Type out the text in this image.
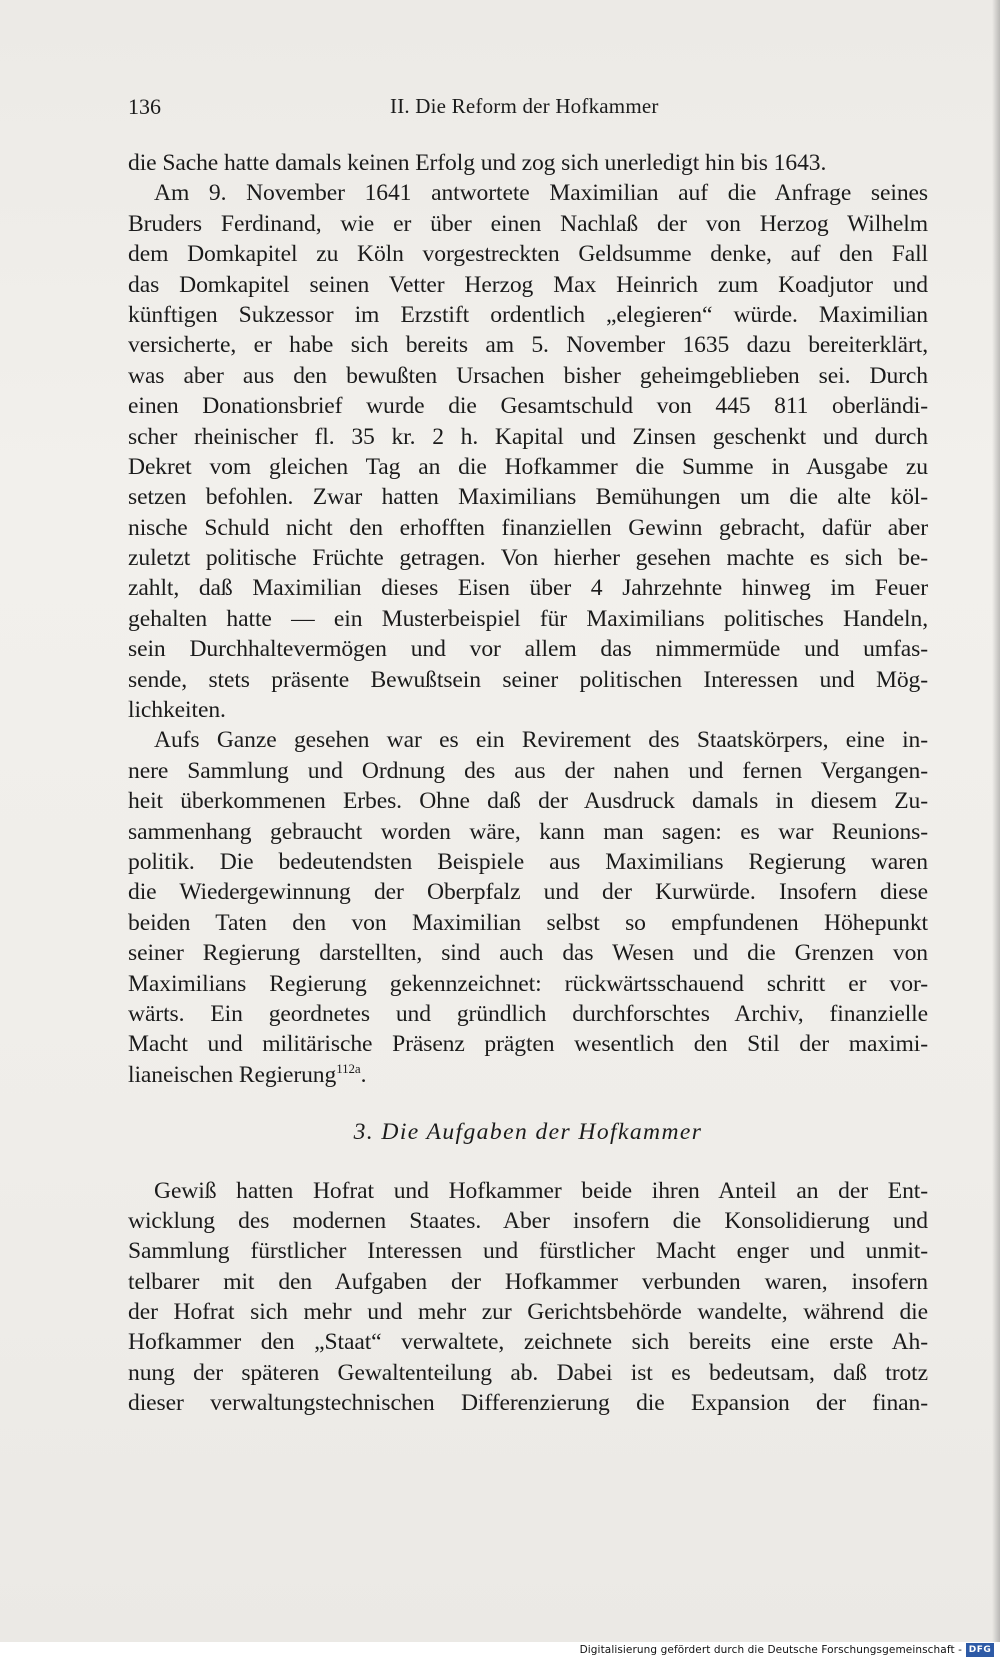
136	II. Die Reform der Hofkammer
die Sache hatte damals keinen Erfolg und zog sich unerledigt hin bis 1643.
Am 9. November 1641 antwortete Maximilian auf die Anfrage seines
Bruders Ferdinand, wie er über einen Nachlaß der von Herzog Wilhelm
dem Domkapitel zu Köln vorgestreckten Geldsumme denke, auf den Fall
das Domkapitel seinen Vetter Herzog Max Heinrich zum Koadjutor und
künftigen Sukzessor im Erzstift ordentlich „elegieren“ würde. Maximilian
versicherte, er habe sich bereits am 5. November 1635 dazu bereiterklärt,
was aber aus den bewußten Ursachen bisher geheimgeblieben sei. Durch
einen Donationsbrief wurde die Gesamtschuld von 445 811 oberländi-
scher rheinischer fl. 35 kr. 2 h. Kapital und Zinsen geschenkt und durch
Dekret vom gleichen Tag an die Hofkammer die Summe in Ausgabe zu
setzen befohlen. Zwar hatten Maximilians Bemühungen um die alte köl-
nische Schuld nicht den erhofften finanziellen Gewinn gebracht, dafür aber
zuletzt politische Früchte getragen. Von hierher gesehen machte es sich be-
zahlt, daß Maximilian dieses Eisen über 4 Jahrzehnte hinweg im Feuer
gehalten hatte — ein Musterbeispiel für Maximilians politisches Handeln,
sein Durchhaltevermögen und vor allem das nimmermüde und umfas-
sende, stets präsente Bewußtsein seiner politischen Interessen und Mög-
lichkeiten.
Aufs Ganze gesehen war es ein Revirement des Staatskörpers, eine in-
nere Sammlung und Ordnung des aus der nahen und fernen Vergangen-
heit überkommenen Erbes. Ohne daß der Ausdruck damals in diesem Zu-
sammenhang gebraucht worden wäre, kann man sagen: es war Reunions-
politik. Die bedeutendsten Beispiele aus Maximilians Regierung waren
die Wiedergewinnung der Oberpfalz und der Kurwürde. Insofern diese
beiden Taten den von Maximilian selbst so empfundenen Höhepunkt
seiner Regierung darstellten, sind auch das Wesen und die Grenzen von
Maximilians Regierung gekennzeichnet: rückwärtsschauend schritt er vor-
wärts. Ein geordnetes und gründlich durchforschtes Archiv, finanzielle
Macht und militärische Präsenz prägten wesentlich den Stil der maximi-
lianeischen Regierung$^{112a}$.
3. Die Aufgaben der Hofkammer
Gewiß hatten Hofrat und Hofkammer beide ihren Anteil an der Ent-
wicklung des modernen Staates. Aber insofern die Konsolidierung und
Sammlung fürstlicher Interessen und fürstlicher Macht enger und unmit-
telbarer mit den Aufgaben der Hofkammer verbunden waren, insofern
der Hofrat sich mehr und mehr zur Gerichtsbehörde wandelte, während die
Hofkammer den „Staat“ verwaltete, zeichnete sich bereits eine erste Ah-
nung der späteren Gewaltenteilung ab. Dabei ist es bedeutsam, daß trotz
dieser verwaltungstechnischen Differenzierung die Expansion der finan-
Digitalisierung gefördert durch die Deutsche Forschungsgemeinschaft - DFG
